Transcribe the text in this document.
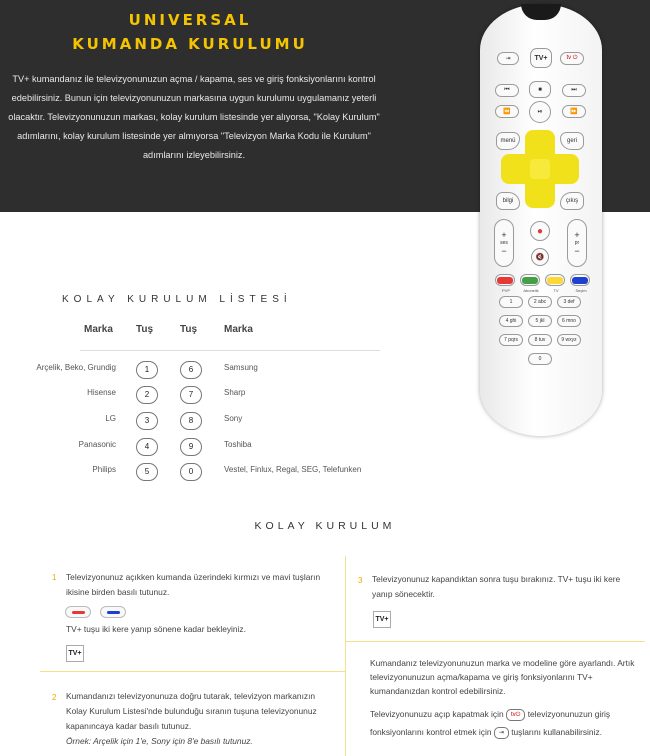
UNIVERSAL
KUMANDA KURULUMU
TV+ kumandanız ile televizyonunuzun açma / kapama, ses ve giriş fonksiyonlarını kontrol edebilirsiniz. Bunun için televizyonunuzun markasına uygun kurulumu uygulamanız yeterli olacaktır. Televizyonunuzun markası, kolay kurulum listesinde yer alıyorsa, "Kolay Kurulum" adımlarını, kolay kurulum listesinde yer almıyorsa "Televizyon Marka Kodu ile Kurulum" adımlarını izleyebilirsiniz.
⇥	TV+	tv ⏻
⏮	■	⏭
⏪	⏯	⏩
menü	geri
bilgi	çıkış
+
ses
−
●
🔇
+
pr
−
PVP	Abonelik	TV	Seçim
1	2 abc	3 def
4 ghi	5 jkl	6 mno
7 pqrs	8 tuv	9 wxyz
0
KOLAY KURULUM LİSTESİ
Marka Tuş	Tuş	Marka
Arçelik, Beko, Grundig	1	6	Samsung
Hisense	2	7	Sharp
LG	3	8	Sony
Panasonic	4	9	Toshiba
Philips	5	0	Vestel, Finlux, Regal, SEG, Telefunken
KOLAY KURULUM
1 Televizyonunuz açıkken kumanda üzerindeki kırmızı ve mavi tuşların ikisine birden basılı tutunuz.
TV+ tuşu iki kere yanıp sönene kadar bekleyiniz.
TV+
2 Kumandanızı televizyonunuza doğru tutarak, televizyon markanızın Kolay Kurulum Listesi'nde bulunduğu sıranın tuşuna televizyonunuz kapanıncaya kadar basılı tutunuz.
Örnek: Arçelik için 1'e, Sony için 8'e basılı tutunuz.
3 Televizyonunuz kapandıktan sonra tuşu bırakınız. TV+ tuşu iki kere yanıp sönecektir.
TV+
Kumandanız televizyonunuzun marka ve modeline göre ayarlandı. Artık televizyonunuzun açma/kapama ve giriş fonksiyonlarını TV+ kumandanızdan kontrol edebilirsiniz.
Televizyonunuzu açıp kapatmak için tv⏻ televizyonunuzun giriş
fonksiyonlarını kontrol etmek için ⇥ tuşlarını kullanabilirsiniz.
